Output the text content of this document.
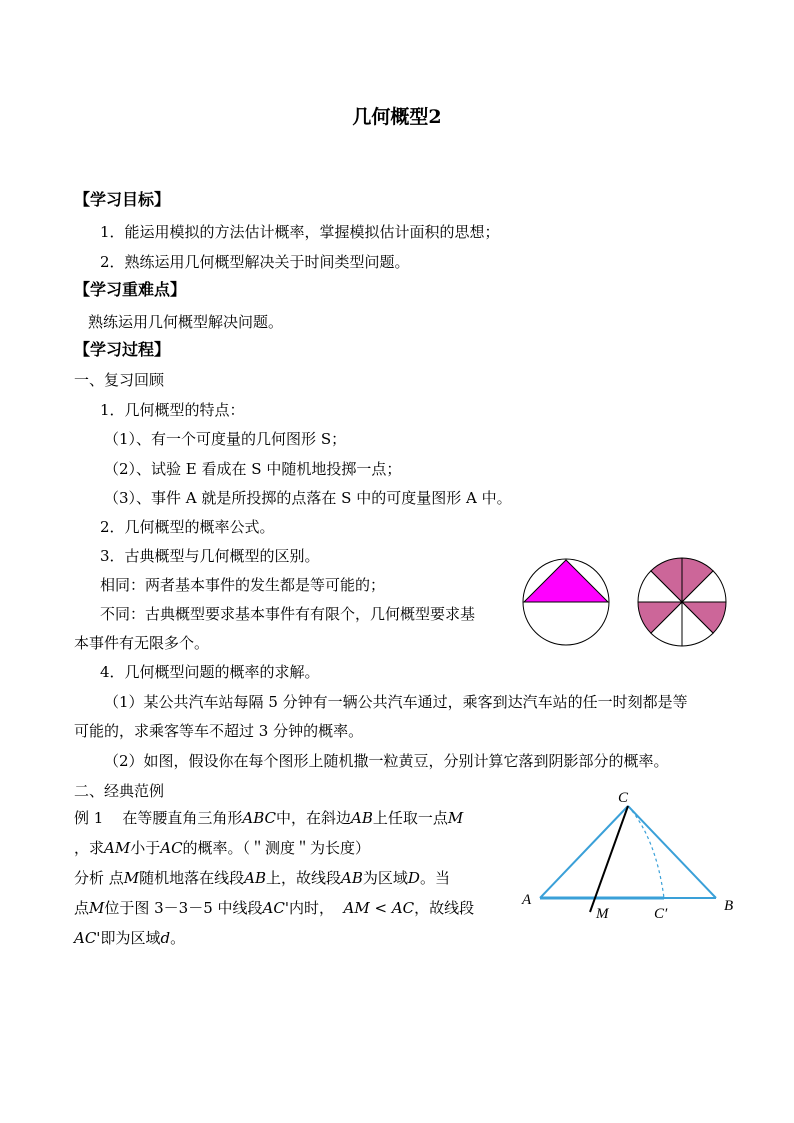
几何概型2
【学习目标】
1．能运用模拟的方法估计概率，掌握模拟估计面积的思想；
2．熟练运用几何概型解决关于时间类型问题。
【学习重难点】
熟练运用几何概型解决问题。
【学习过程】
一、复习回顾
1．几何概型的特点：
（1）、有一个可度量的几何图形 S；
（2）、试验 E 看成在 S 中随机地投掷一点；
（3）、事件 A 就是所投掷的点落在 S 中的可度量图形 A 中。
2．几何概型的概率公式。
3．古典概型与几何概型的区别。
相同：两者基本事件的发生都是等可能的；
不同：古典概型要求基本事件有有限个，几何概型要求基
本事件有无限多个。
4．几何概型问题的概率的求解。
（1）某公共汽车站每隔 5 分钟有一辆公共汽车通过，乘客到达汽车站的任一时刻都是等
可能的，求乘客等车不超过 3 分钟的概率。
（2）如图，假设你在每个图形上随机撒一粒黄豆，分别计算它落到阴影部分的概率。
二、经典范例
例 1 在等腰直角三角形ABC中，在斜边AB上任取一点M
，求AM小于AC的概率。（＂测度＂为长度）
分析 点M随机地落在线段AB上，故线段AB为区域D。当
点M位于图 3－3－5 中线段AC'内时， AM < AC，故线段
AC'即为区域d。
A	B
C
M	C′
